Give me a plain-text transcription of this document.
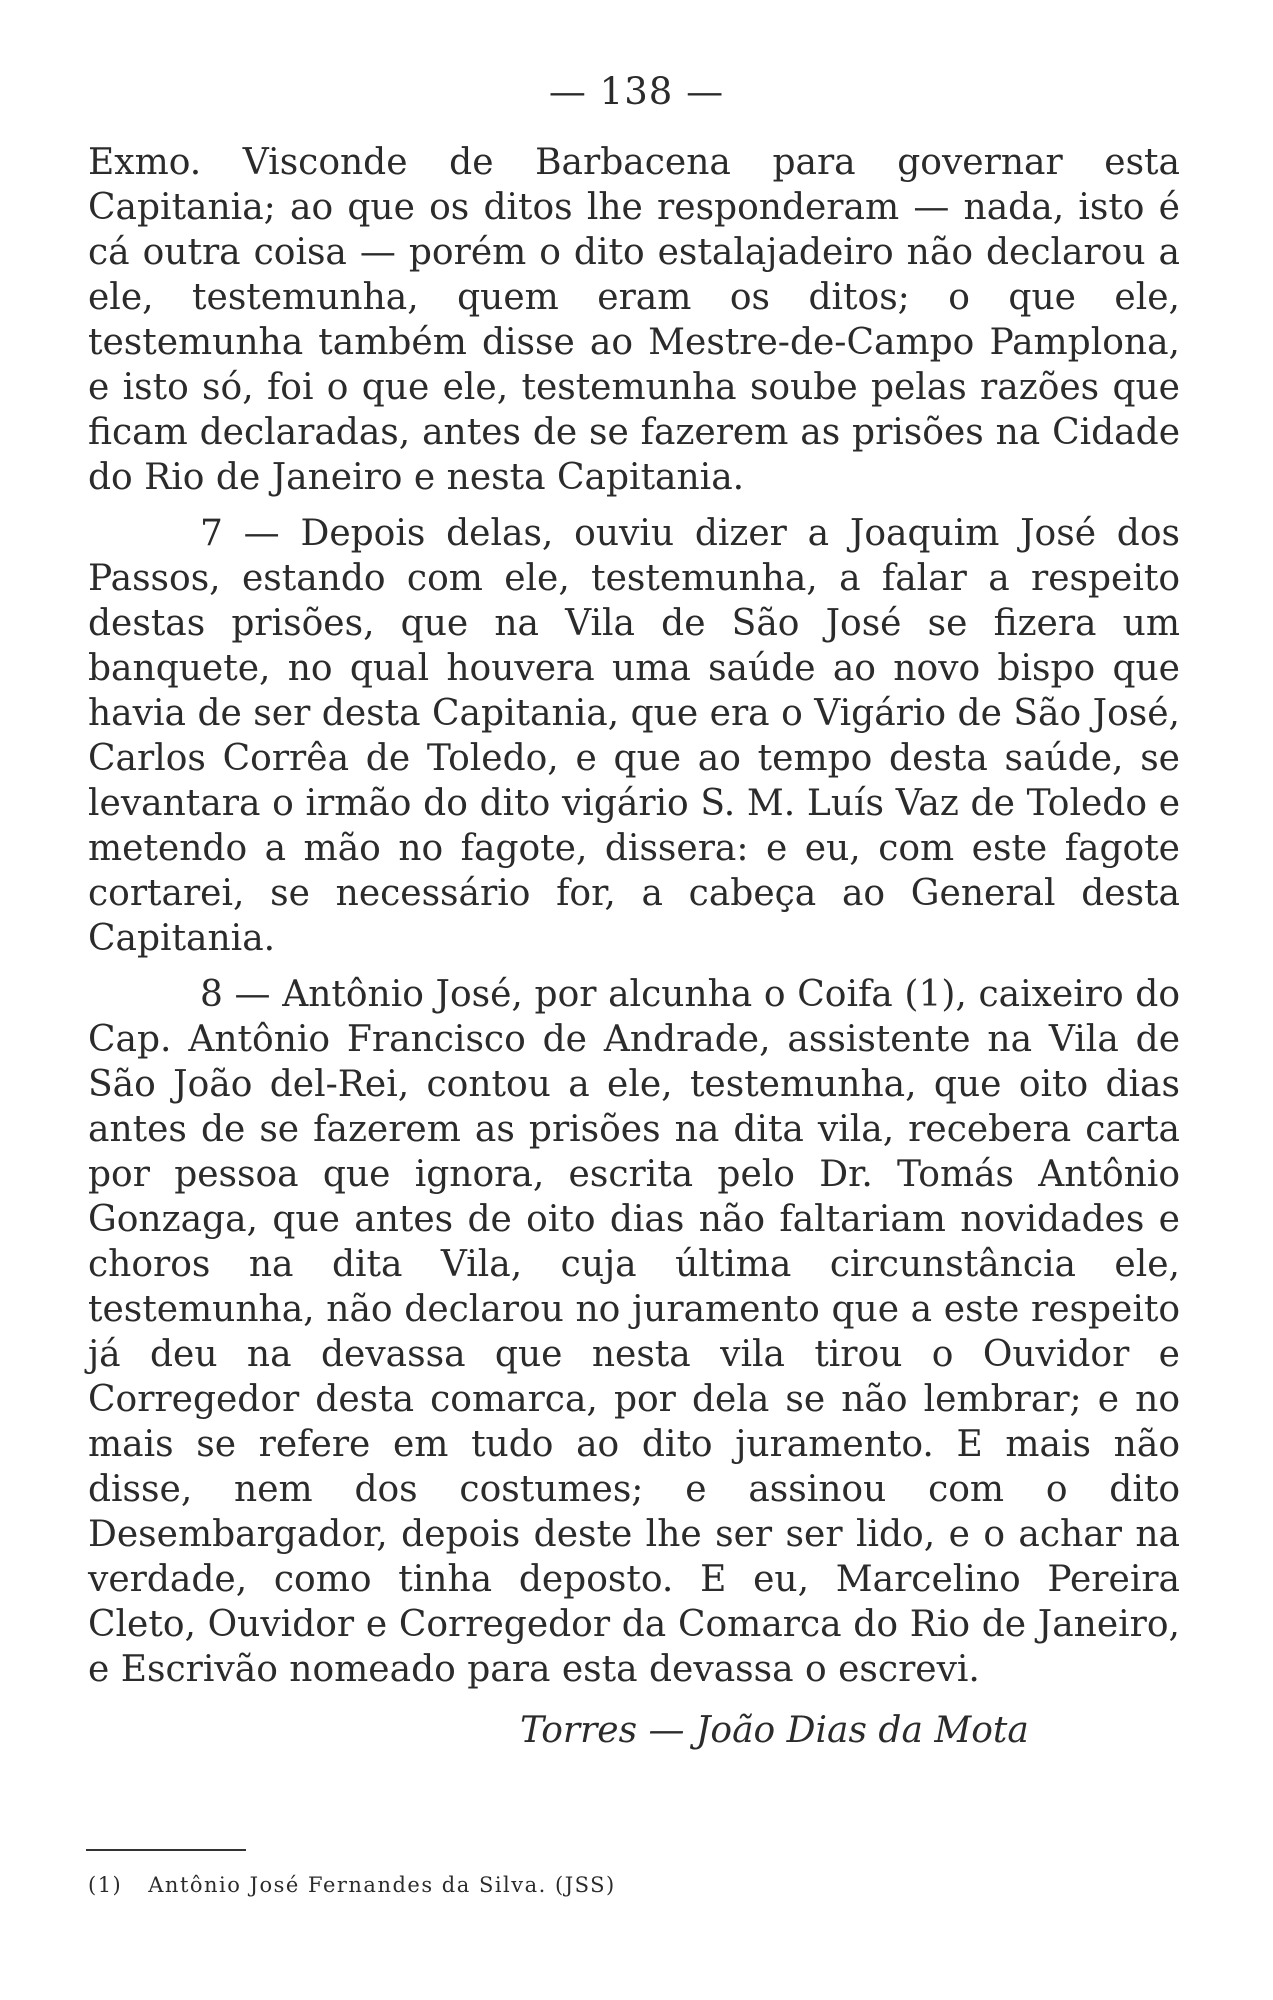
— 138 —

Exmo. Visconde de Barbacena para governar esta Capitania; ao que os ditos lhe responderam — nada, isto é cá outra coisa — porém o dito estalajadeiro não declarou a ele, testemunha, quem eram os ditos; o que ele, testemunha também disse ao Mestre-de-Campo Pamplona, e isto só, foi o que ele, testemunha soube pelas razões que ficam declaradas, antes de se fazerem as prisões na Cidade do Rio de Janeiro e nesta Capitania.

7 — Depois delas, ouviu dizer a Joaquim José dos Passos, estando com ele, testemunha, a falar a respeito destas prisões, que na Vila de São José se fizera um banquete, no qual houvera uma saúde ao novo bispo que havia de ser desta Capitania, que era o Vigário de São José, Carlos Corrêa de Toledo, e que ao tempo desta saúde, se levantara o irmão do dito vigário S. M. Luís Vaz de Toledo e metendo a mão no fagote, dissera: e eu, com este fagote cortarei, se necessário for, a cabeça ao General desta Capitania.

8 — Antônio José, por alcunha o Coifa (1), caixeiro do Cap. Antônio Francisco de Andrade, assistente na Vila de São João del-Rei, contou a ele, testemunha, que oito dias antes de se fazerem as prisões na dita vila, recebera carta por pessoa que ignora, escrita pelo Dr. Tomás Antônio Gonzaga, que antes de oito dias não faltariam novidades e choros na dita Vila, cuja última circunstância ele, testemunha, não declarou no juramento que a este respeito já deu na devassa que nesta vila tirou o Ouvidor e Corregedor desta comarca, por dela se não lembrar; e no mais se refere em tudo ao dito juramento. E mais não disse, nem dos costumes; e assinou com o dito Desembargador, depois deste lhe ser ser lido, e o achar na verdade, como tinha deposto. E eu, Marcelino Pereira Cleto, Ouvidor e Corregedor da Comarca do Rio de Janeiro, e Escrivão nomeado para esta devassa o escrevi.

Torres — João Dias da Mota
(1) Antônio José Fernandes da Silva. (JSS)
